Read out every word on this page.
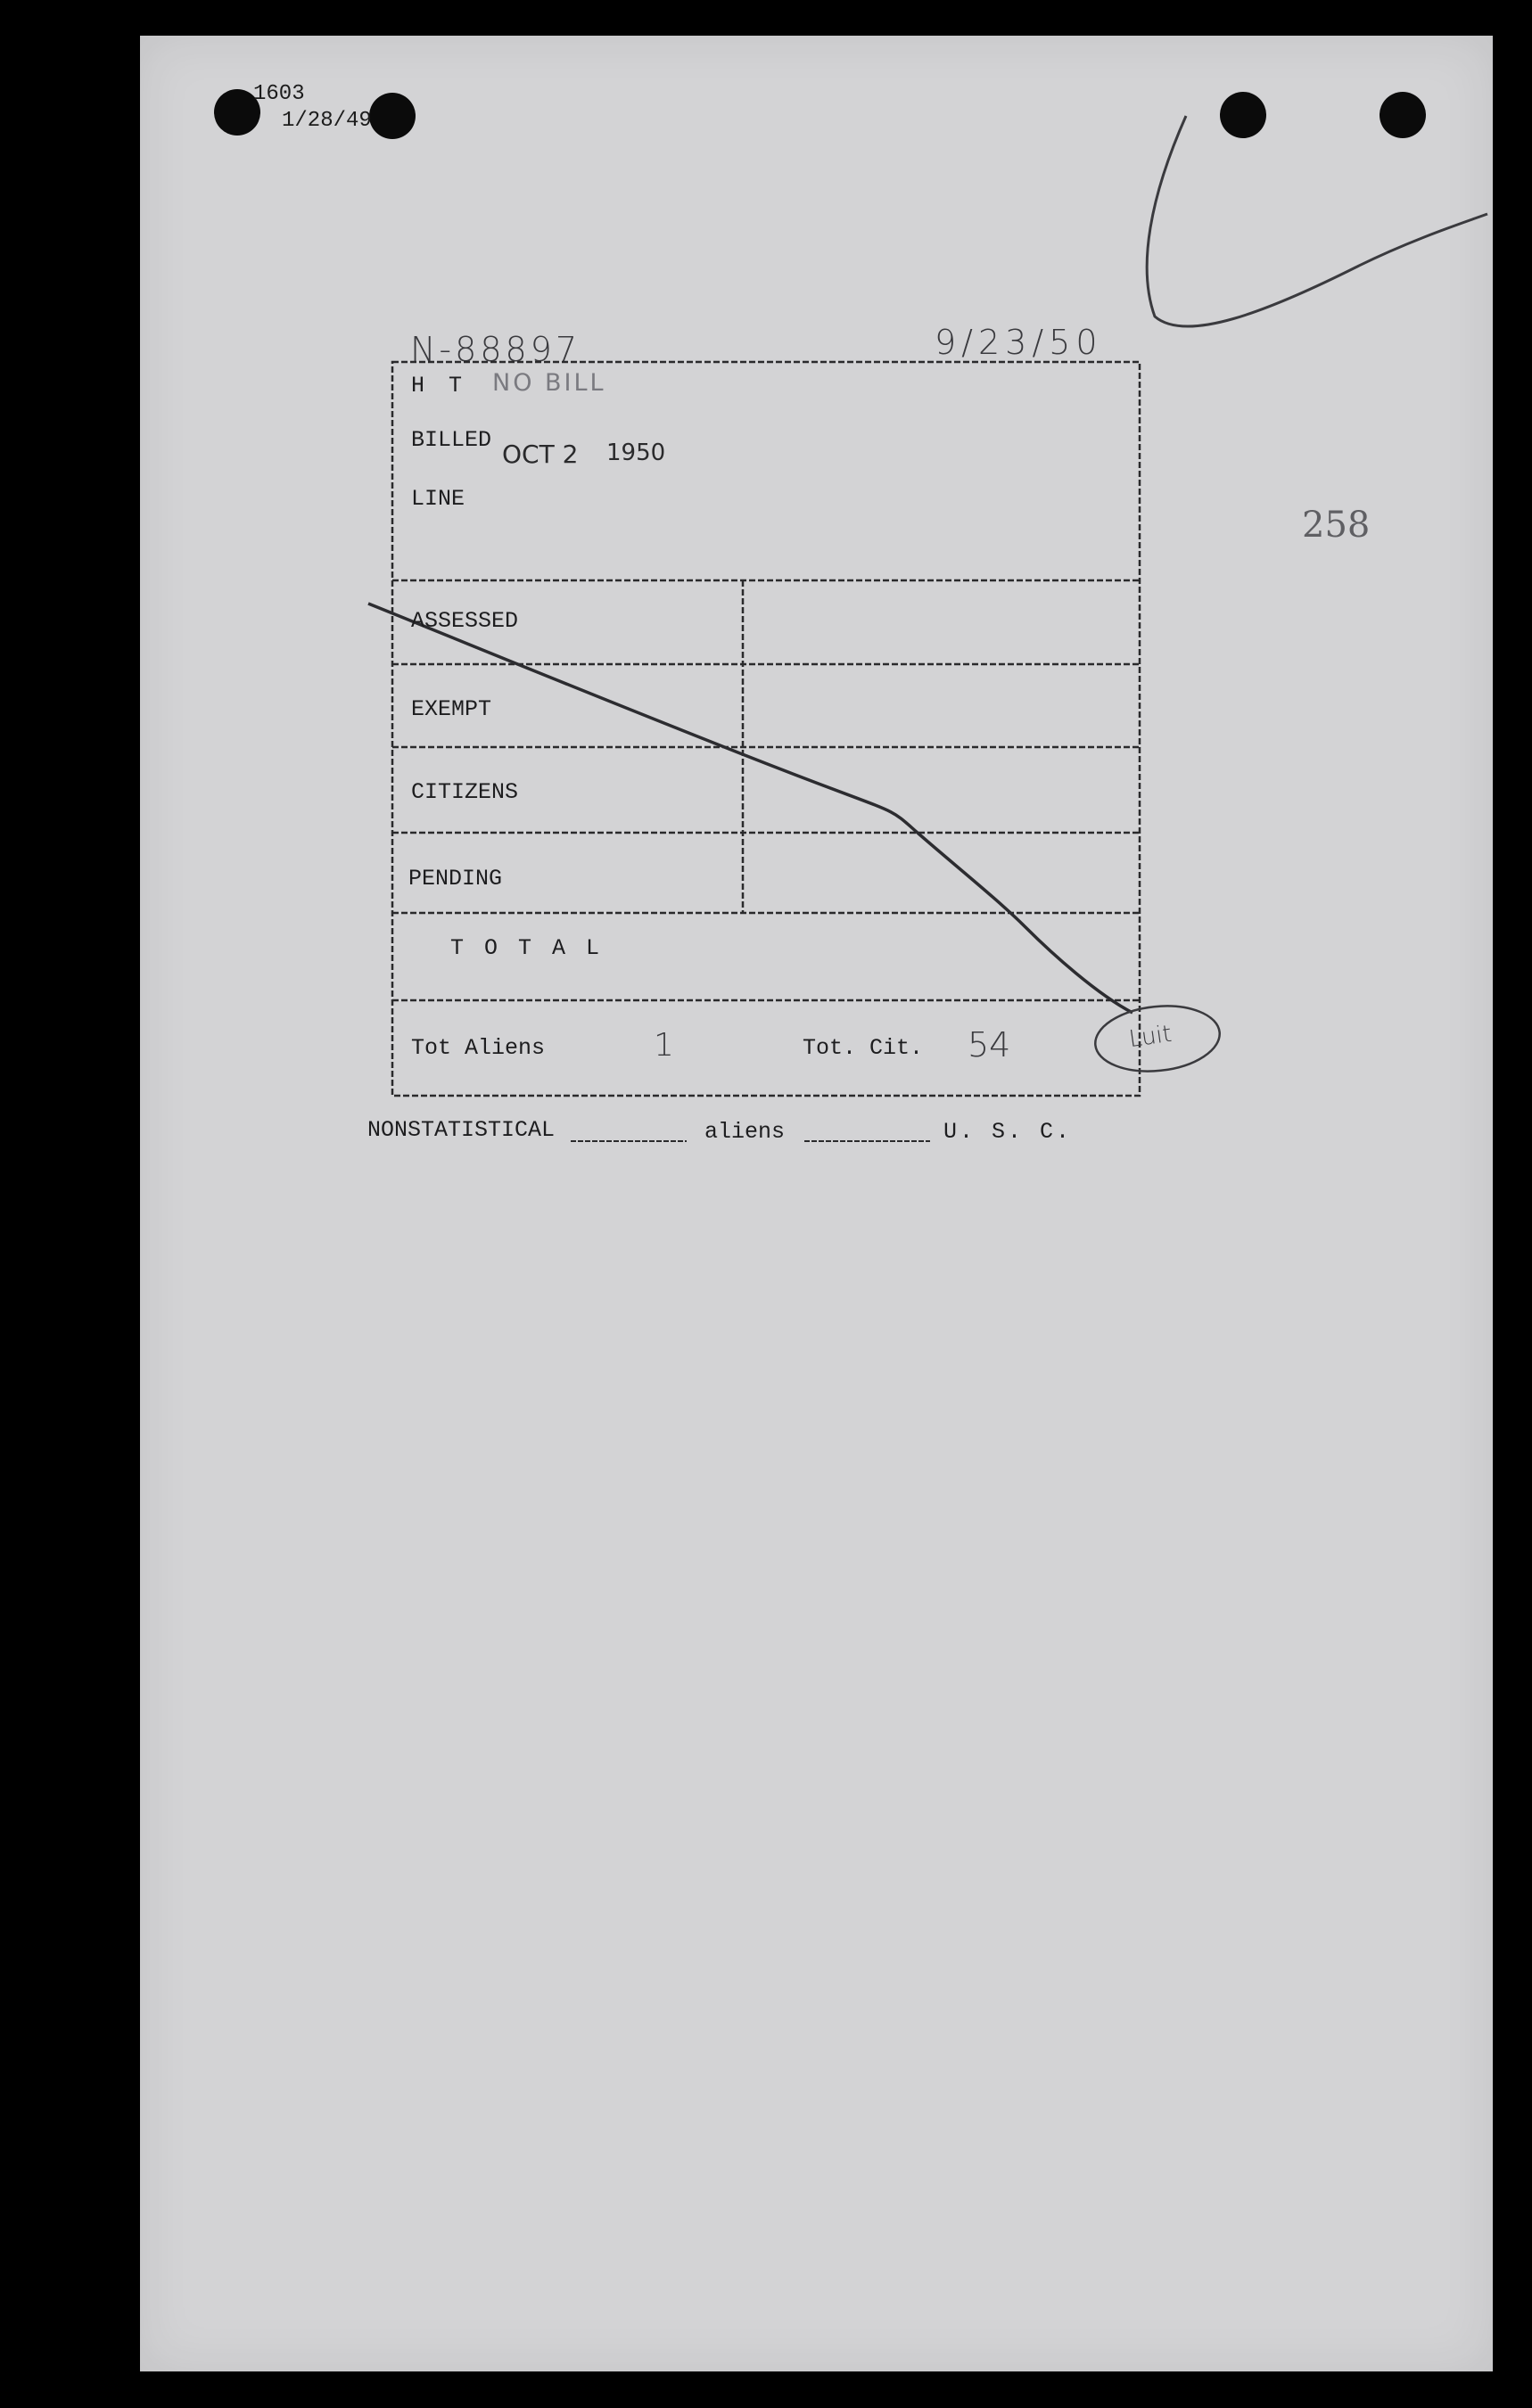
1603
1/28/49
258
N-88897	9/23/50
H T NO BILL
BILLED OCT 2 1950
LINE
ASSESSED
EXEMPT
CITIZENS
PENDING
T O T A L
Tot Aliens	1	Tot. Cit. 54	Luit
NONSTATISTICAL	aliens	U. S. C.
